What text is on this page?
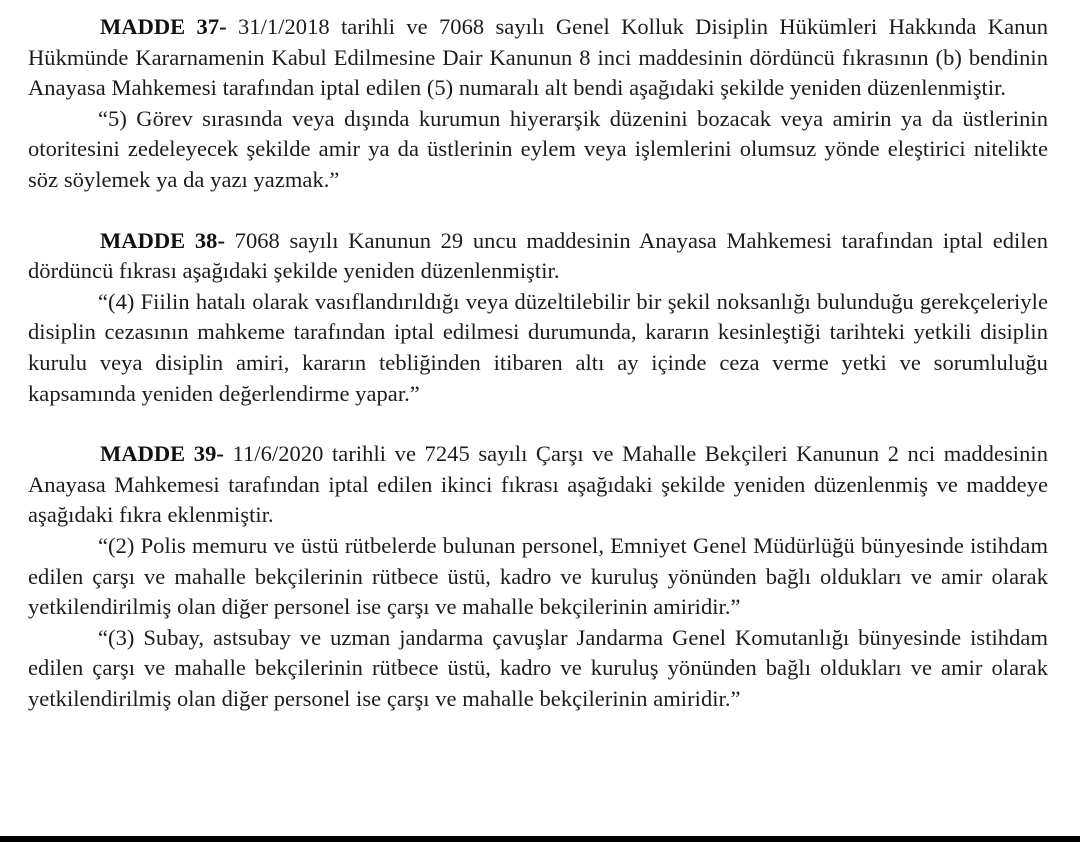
MADDE 37- 31/1/2018 tarihli ve 7068 sayılı Genel Kolluk Disiplin Hükümleri Hakkında Kanun Hükmünde Kararnamenin Kabul Edilmesine Dair Kanunun 8 inci maddesinin dördüncü fıkrasının (b) bendinin Anayasa Mahkemesi tarafından iptal edilen (5) numaralı alt bendi aşağıdaki şekilde yeniden düzenlenmiştir.

“5) Görev sırasında veya dışında kurumun hiyerarşik düzenini bozacak veya amirin ya da üstlerinin otoritesini zedeleyecek şekilde amir ya da üstlerinin eylem veya işlemlerini olumsuz yönde eleştirici nitelikte söz söylemek ya da yazı yazmak.”

MADDE 38- 7068 sayılı Kanunun 29 uncu maddesinin Anayasa Mahkemesi tarafından iptal edilen dördüncü fıkrası aşağıdaki şekilde yeniden düzenlenmiştir.

“(4) Fiilin hatalı olarak vasıflandırıldığı veya düzeltilebilir bir şekil noksanlığı bulunduğu gerekçeleriyle disiplin cezasının mahkeme tarafından iptal edilmesi durumunda, kararın kesinleştiği tarihteki yetkili disiplin kurulu veya disiplin amiri, kararın tebliğinden itibaren altı ay içinde ceza verme yetki ve sorumluluğu kapsamında yeniden değerlendirme yapar.”

MADDE 39- 11/6/2020 tarihli ve 7245 sayılı Çarşı ve Mahalle Bekçileri Kanunun 2 nci maddesinin Anayasa Mahkemesi tarafından iptal edilen ikinci fıkrası aşağıdaki şekilde yeniden düzenlenmiş ve maddeye aşağıdaki fıkra eklenmiştir.

“(2) Polis memuru ve üstü rütbelerde bulunan personel, Emniyet Genel Müdürlüğü bünyesinde istihdam edilen çarşı ve mahalle bekçilerinin rütbece üstü, kadro ve kuruluş yönünden bağlı oldukları ve amir olarak yetkilendirilmiş olan diğer personel ise çarşı ve mahalle bekçilerinin amiridir.”

“(3) Subay, astsubay ve uzman jandarma çavuşlar Jandarma Genel Komutanlığı bünyesinde istihdam edilen çarşı ve mahalle bekçilerinin rütbece üstü, kadro ve kuruluş yönünden bağlı oldukları ve amir olarak yetkilendirilmiş olan diğer personel ise çarşı ve mahalle bekçilerinin amiridir.”
